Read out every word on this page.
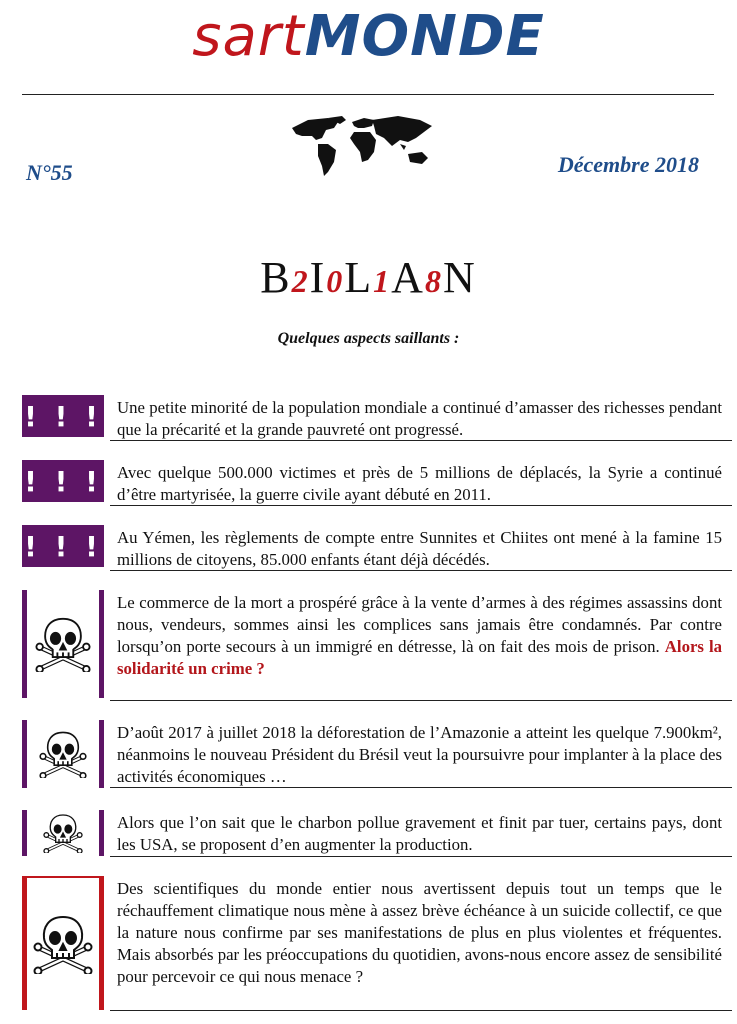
sartMONDE
N°55	Décembre 2018
B2I0L1A8N
Quelques aspects saillants :
! ! ! Une petite minorité de la population mondiale a continué d’amasser des richesses pendant que la précarité et la grande pauvreté ont progressé.
! ! ! Avec quelque 500.000 victimes et près de 5 millions de déplacés, la Syrie a continué d’être martyrisée, la guerre civile ayant débuté en 2011.
! ! ! Au Yémen, les règlements de compte entre Sunnites et Chiites ont mené à la famine 15 millions de citoyens, 85.000 enfants étant déjà décédés.
Le commerce de la mort a prospéré grâce à la vente d’armes à des régimes assassins dont nous, vendeurs, sommes ainsi les complices sans jamais être condamnés. Par contre lorsqu’on porte secours à un immigré en détresse, là on fait des mois de prison. Alors la solidarité un crime ?
D’août 2017 à juillet 2018 la déforestation de l’Amazonie a atteint les quelque 7.900km², néanmoins le nouveau Président du Brésil veut la poursuivre pour implanter à la place des activités économiques …
Alors que l’on sait que le charbon pollue gravement et finit par tuer, certains pays, dont les USA, se proposent d’en augmenter la production.
Des scientifiques du monde entier nous avertissent depuis tout un temps que le réchauffement climatique nous mène à assez brève échéance à un suicide collectif, ce que la nature nous confirme par ses manifestations de plus en plus violentes et fréquentes. Mais absorbés par les préoccupations du quotidien, avons-nous encore assez de sensibilité pour percevoir ce qui nous menace ?
